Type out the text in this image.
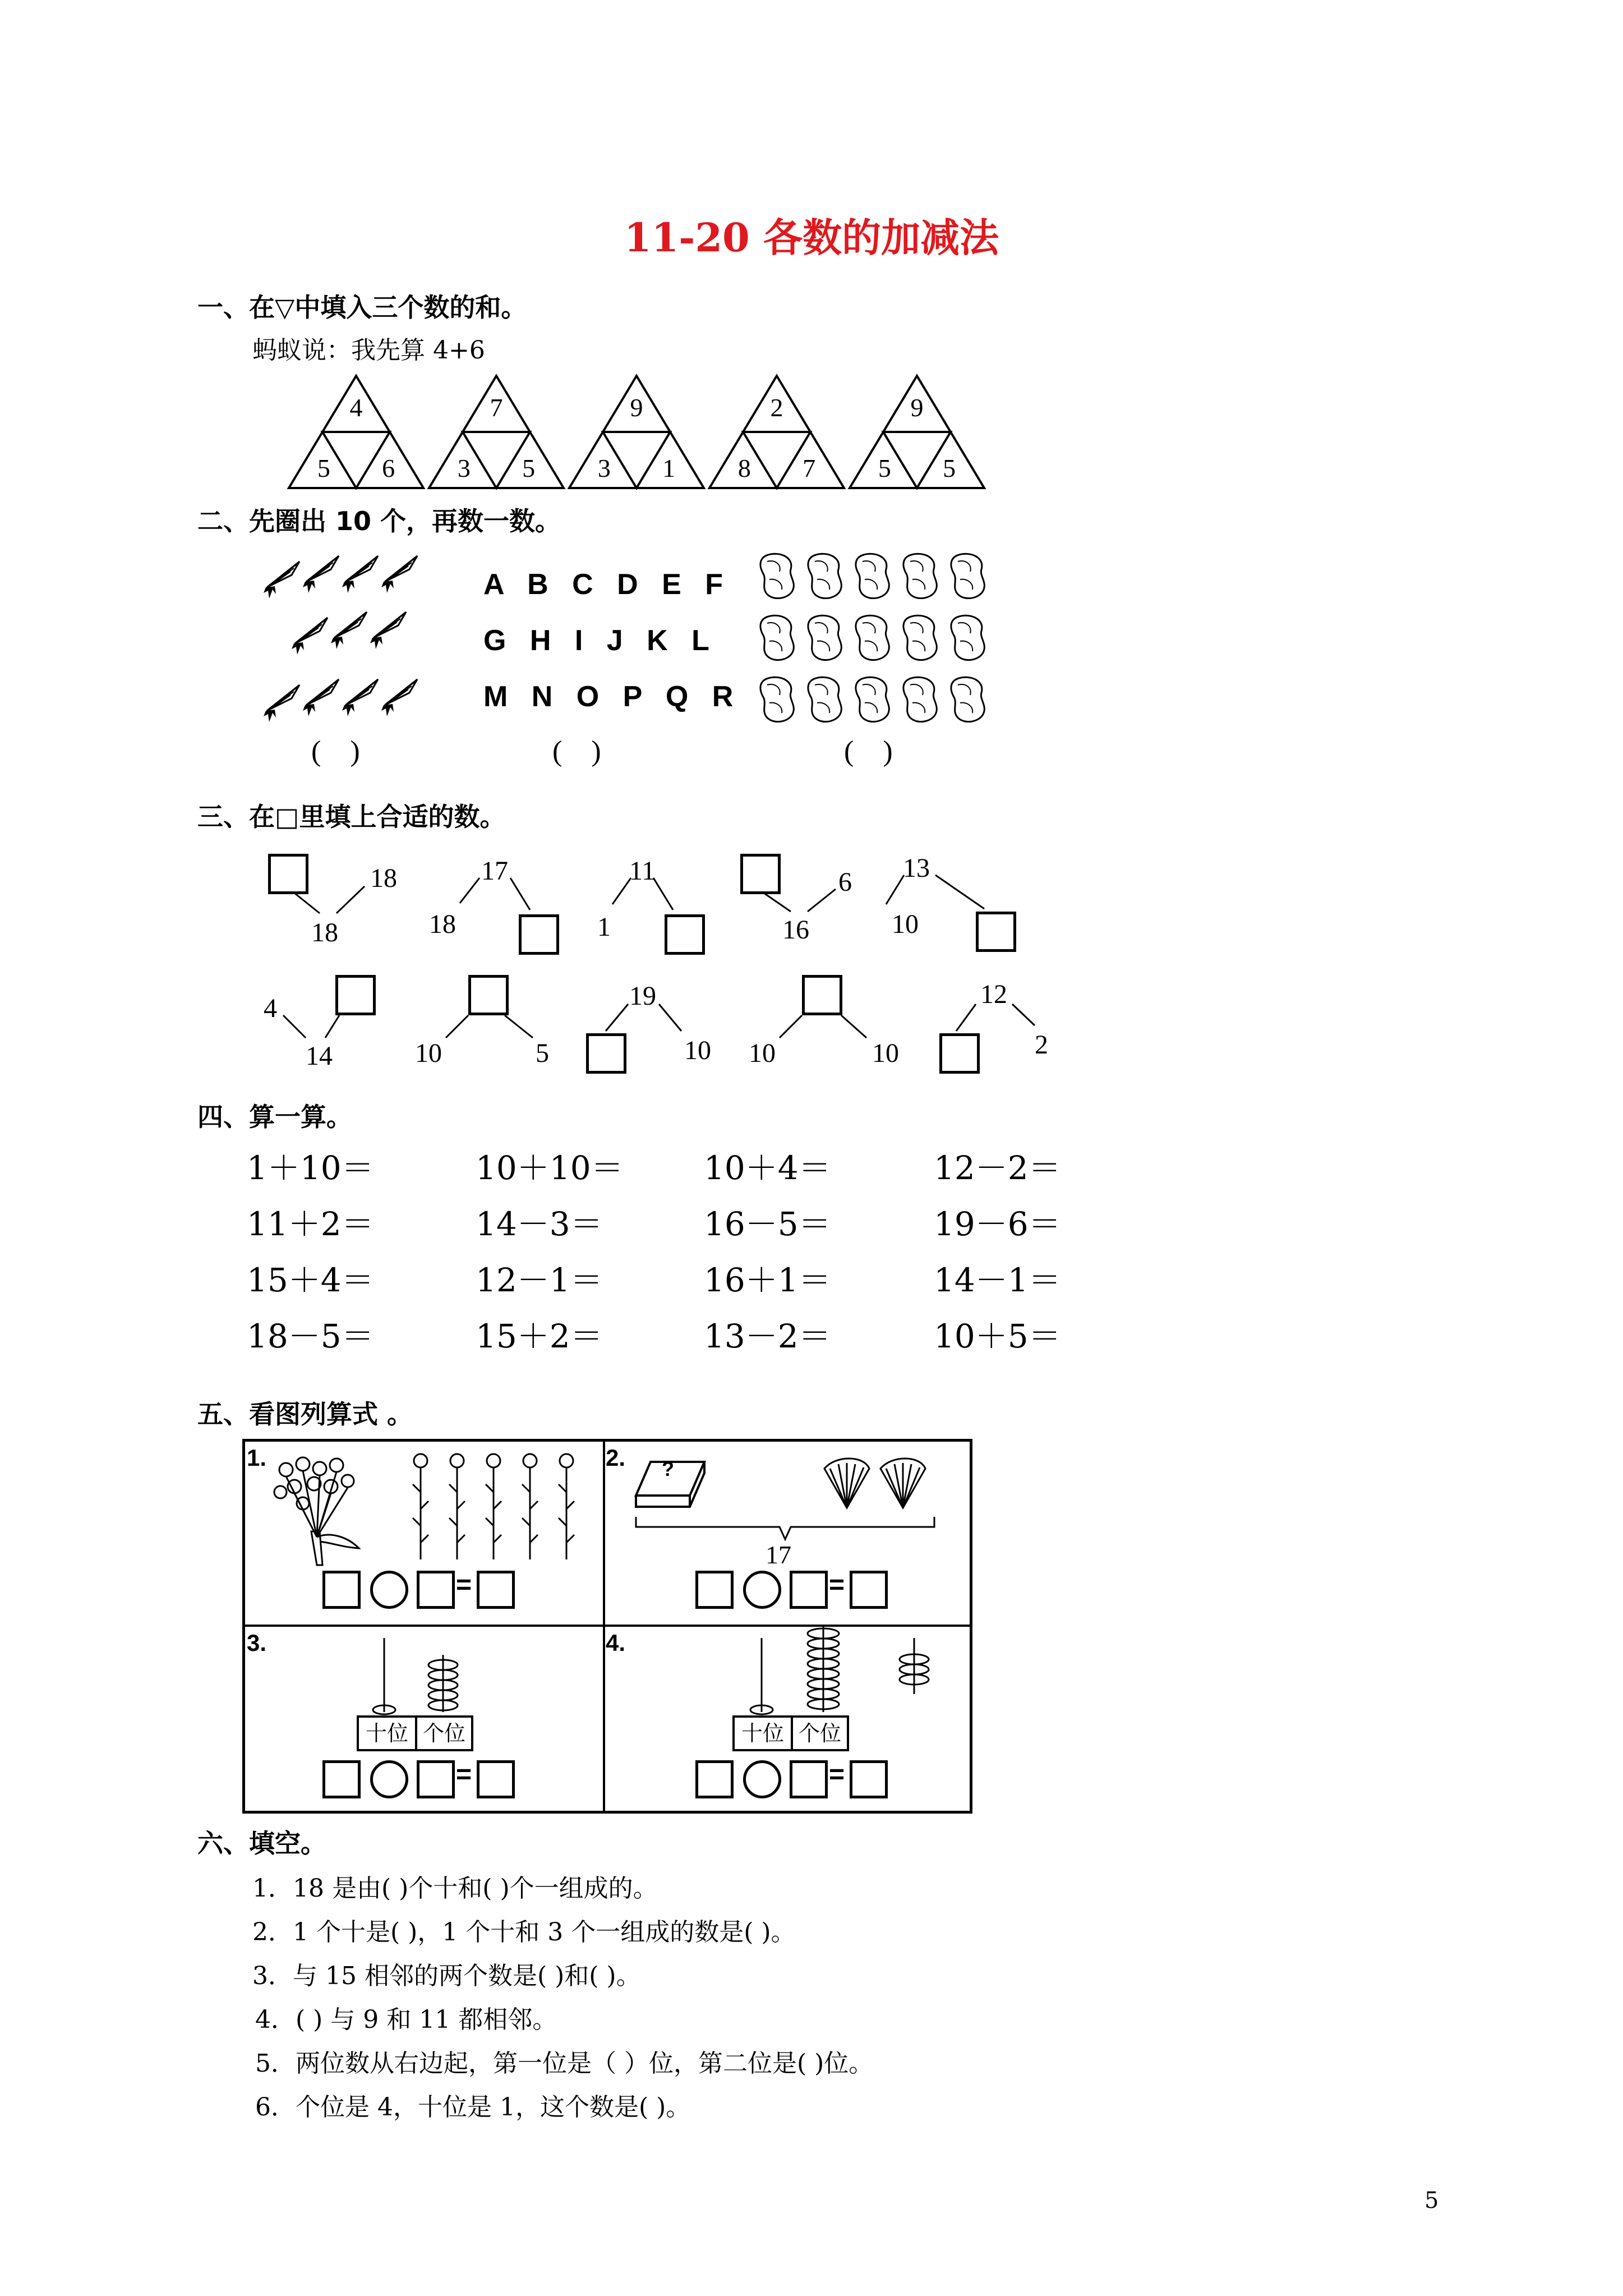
11-20 各数的加减法
一、在▽中填入三个数的和。
蚂蚁说：我先算 4+6
4
5 6
7
3 5
9
3 1
2
8 7
9
5 5
二、先圈出 10 个，再数一数。
A B C D E F
G H I J K L
M N O P Q R
(    )	(    )	(    )
三、在□里填上合适的数。
18
18
17
18
11
1
6
16
13
10
4
14	10	5
19
10 10	10
12
2
四、算一算。
1＋10＝	10＋10＝ 10＋4＝	12－2＝
11＋2＝	14－3＝	16－5＝	19－6＝
15＋4＝	12－1＝	16＋1＝	14－1＝
18－5＝	15＋2＝	13－2＝	10＋5＝
五、看图列算式 。
1.	2.
3.	4.
?
17
十位 个位	十位 个位
=	=
=	=
六、填空。
1．18 是由( )个十和( )个一组成的。
2．1 个十是( )，1 个十和 3 个一组成的数是( )。
3．与 15 相邻的两个数是( )和( )。
4．( ) 与 9 和 11 都相邻。
5．两位数从右边起，第一位是（ ）位，第二位是( )位。
6．个位是 4，十位是 1，这个数是( )。
5
